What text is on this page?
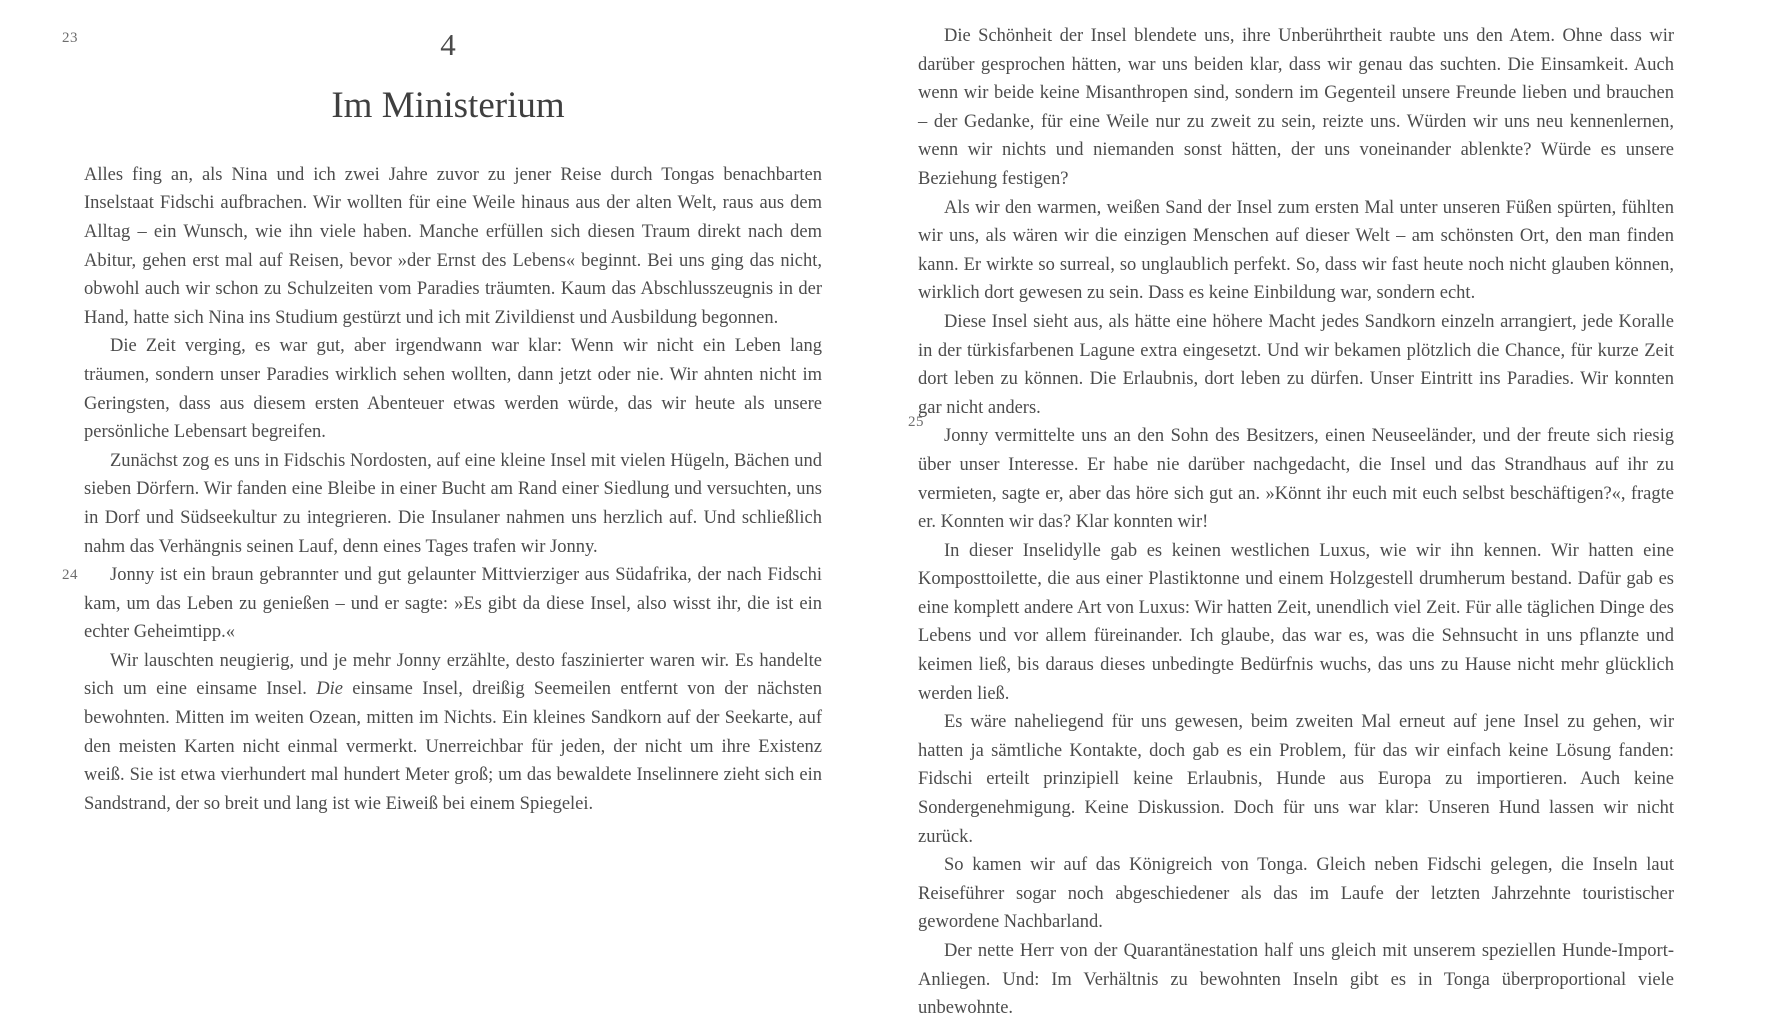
23
24
25
4
Im Ministerium

Alles fing an, als Nina und ich zwei Jahre zuvor zu jener Reise durch Tongas benachbarten Inselstaat Fidschi aufbrachen. Wir wollten für eine Weile hinaus aus der alten Welt, raus aus dem Alltag – ein Wunsch, wie ihn viele haben. Manche erfüllen sich diesen Traum direkt nach dem Abitur, gehen erst mal auf Reisen, bevor »der Ernst des Lebens« beginnt. Bei uns ging das nicht, obwohl auch wir schon zu Schulzeiten vom Paradies träumten. Kaum das Abschlusszeugnis in der Hand, hatte sich Nina ins Studium gestürzt und ich mit Zivildienst und Ausbildung begonnen.

Die Zeit verging, es war gut, aber irgendwann war klar: Wenn wir nicht ein Leben lang träumen, sondern unser Paradies wirklich sehen wollten, dann jetzt oder nie. Wir ahnten nicht im Geringsten, dass aus diesem ersten Abenteuer etwas werden würde, das wir heute als unsere persönliche Lebensart begreifen.

Zunächst zog es uns in Fidschis Nordosten, auf eine kleine Insel mit vielen Hügeln, Bächen und sieben Dörfern. Wir fanden eine Bleibe in einer Bucht am Rand einer Siedlung und versuchten, uns in Dorf und Südseekultur zu integrieren. Die Insulaner nahmen uns herzlich auf. Und schließlich nahm das Verhängnis seinen Lauf, denn eines Tages trafen wir Jonny.

Jonny ist ein braun gebrannter und gut gelaunter Mittvierziger aus Südafrika, der nach Fidschi kam, um das Leben zu genießen – und er sagte: »Es gibt da diese Insel, also wisst ihr, die ist ein echter Geheimtipp.«

Wir lauschten neugierig, und je mehr Jonny erzählte, desto faszinierter waren wir. Es handelte sich um eine einsame Insel. Die einsame Insel, dreißig Seemeilen entfernt von der nächsten bewohnten. Mitten im weiten Ozean, mitten im Nichts. Ein kleines Sandkorn auf der Seekarte, auf den meisten Karten nicht einmal vermerkt. Unerreichbar für jeden, der nicht um ihre Existenz weiß. Sie ist etwa vierhundert mal hundert Meter groß; um das bewaldete Inselinnere zieht sich ein Sandstrand, der so breit und lang ist wie Eiweiß bei einem Spiegelei.

Die Schönheit der Insel blendete uns, ihre Unberührtheit raubte uns den Atem. Ohne dass wir darüber gesprochen hätten, war uns beiden klar, dass wir genau das suchten. Die Einsamkeit. Auch wenn wir beide keine Misanthropen sind, sondern im Gegenteil unsere Freunde lieben und brauchen – der Gedanke, für eine Weile nur zu zweit zu sein, reizte uns. Würden wir uns neu kennenlernen, wenn wir nichts und niemanden sonst hätten, der uns voneinander ablenkte? Würde es unsere Beziehung festigen?

Als wir den warmen, weißen Sand der Insel zum ersten Mal unter unseren Füßen spürten, fühlten wir uns, als wären wir die einzigen Menschen auf dieser Welt – am schönsten Ort, den man finden kann. Er wirkte so surreal, so unglaublich perfekt. So, dass wir fast heute noch nicht glauben können, wirklich dort gewesen zu sein. Dass es keine Einbildung war, sondern echt.

Diese Insel sieht aus, als hätte eine höhere Macht jedes Sandkorn einzeln arrangiert, jede Koralle in der türkisfarbenen Lagune extra eingesetzt. Und wir bekamen plötzlich die Chance, für kurze Zeit dort leben zu können. Die Erlaubnis, dort leben zu dürfen. Unser Eintritt ins Paradies. Wir konnten gar nicht anders.

Jonny vermittelte uns an den Sohn des Besitzers, einen Neuseeländer, und der freute sich riesig über unser Interesse. Er habe nie darüber nachgedacht, die Insel und das Strandhaus auf ihr zu vermieten, sagte er, aber das höre sich gut an. »Könnt ihr euch mit euch selbst beschäftigen?«, fragte er. Konnten wir das? Klar konnten wir!

In dieser Inselidylle gab es keinen westlichen Luxus, wie wir ihn kennen. Wir hatten eine Komposttoilette, die aus einer Plastiktonne und einem Holzgestell drumherum bestand. Dafür gab es eine komplett andere Art von Luxus: Wir hatten Zeit, unendlich viel Zeit. Für alle täglichen Dinge des Lebens und vor allem füreinander. Ich glaube, das war es, was die Sehnsucht in uns pflanzte und keimen ließ, bis daraus dieses unbedingte Bedürfnis wuchs, das uns zu Hause nicht mehr glücklich werden ließ.

Es wäre naheliegend für uns gewesen, beim zweiten Mal erneut auf jene Insel zu gehen, wir hatten ja sämtliche Kontakte, doch gab es ein Problem, für das wir einfach keine Lösung fanden: Fidschi erteilt prinzipiell keine Erlaubnis, Hunde aus Europa zu importieren. Auch keine Sondergenehmigung. Keine Diskussion. Doch für uns war klar: Unseren Hund lassen wir nicht zurück.

So kamen wir auf das Königreich von Tonga. Gleich neben Fidschi gelegen, die Inseln laut Reiseführer sogar noch abgeschiedener als das im Laufe der letzten Jahrzehnte touristischer gewordene Nachbarland.

Der nette Herr von der Quarantänestation half uns gleich mit unserem speziellen Hunde-Import-Anliegen. Und: Im Verhältnis zu bewohnten Inseln gibt es in Tonga überproportional viele unbewohnte.
